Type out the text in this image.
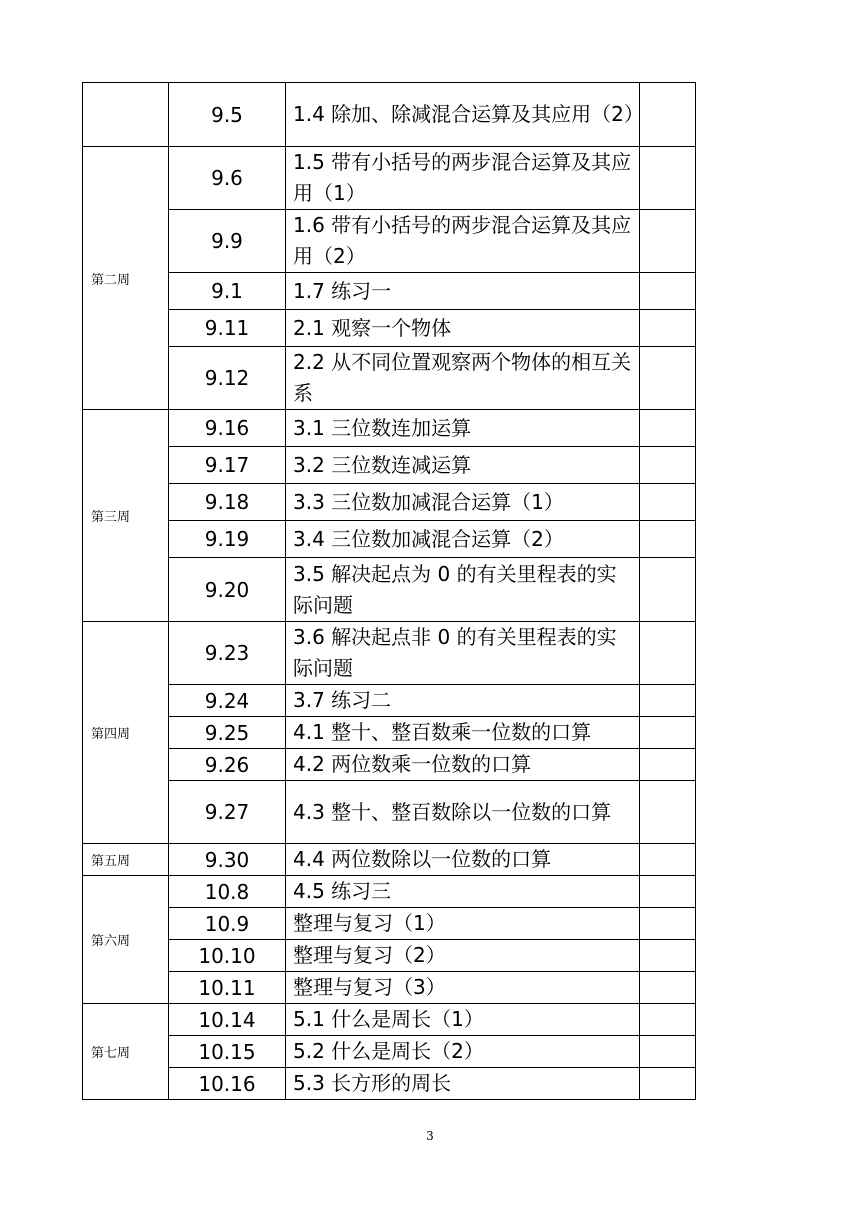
	9.5	1.4 除加、除减混合运算及其应用（2）	
第二周	9.6	1.5 带有小括号的两步混合运算及其应用（1）	
	9.9	1.6 带有小括号的两步混合运算及其应用（2）	
	9.1	1.7 练习一	
	9.11	2.1 观察一个物体	
	9.12	2.2 从不同位置观察两个物体的相互关系	
第三周	9.16	3.1 三位数连加运算	
	9.17	3.2 三位数连减运算	
	9.18	3.3 三位数加减混合运算（1）	
	9.19	3.4 三位数加减混合运算（2）	
	9.20	3.5 解决起点为 0 的有关里程表的实际问题	
第四周	9.23	3.6 解决起点非 0 的有关里程表的实际问题	
	9.24	3.7 练习二	
	9.25	4.1 整十、整百数乘一位数的口算	
	9.26	4.2 两位数乘一位数的口算	
	9.27	4.3 整十、整百数除以一位数的口算	
第五周	9.30	4.4 两位数除以一位数的口算	
第六周	10.8	4.5 练习三	
	10.9	整理与复习（1）	
	10.10	整理与复习（2）	
	10.11	整理与复习（3）	
第七周	10.14	5.1 什么是周长（1）	
	10.15	5.2 什么是周长（2）	
	10.16	5.3 长方形的周长	
3
